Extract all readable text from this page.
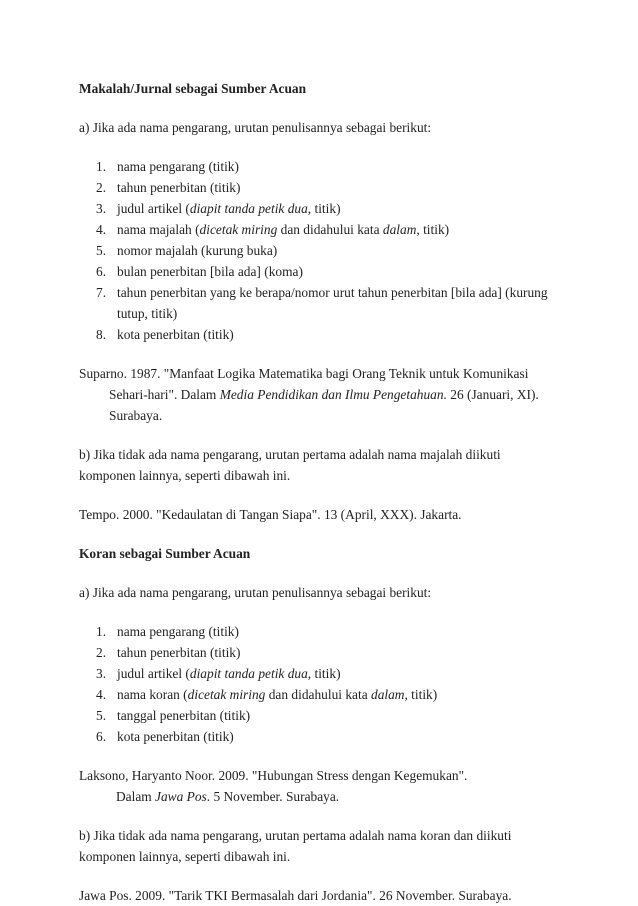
Makalah/Jurnal sebagai Sumber Acuan

a) Jika ada nama pengarang, urutan penulisannya sebagai berikut:

1. nama pengarang (titik)
2. tahun penerbitan (titik)
3. judul artikel (diapit tanda petik dua, titik)
4. nama majalah (dicetak miring dan didahului kata dalam, titik)
5. nomor majalah (kurung buka)
6. bulan penerbitan [bila ada] (koma)
7. tahun penerbitan yang ke berapa/nomor urut tahun penerbitan [bila ada] (kurung tutup, titik)
8. kota penerbitan (titik)

Suparno. 1987. "Manfaat Logika Matematika bagi Orang Teknik untuk Komunikasi Sehari-hari". Dalam Media Pendidikan dan Ilmu Pengetahuan. 26 (Januari, XI). Surabaya.

b) Jika tidak ada nama pengarang, urutan pertama adalah nama majalah diikuti komponen lainnya, seperti dibawah ini.

Tempo. 2000. "Kedaulatan di Tangan Siapa". 13 (April, XXX). Jakarta.

Koran sebagai Sumber Acuan

a) Jika ada nama pengarang, urutan penulisannya sebagai berikut:

1. nama pengarang (titik)
2. tahun penerbitan (titik)
3. judul artikel (diapit tanda petik dua, titik)
4. nama koran (dicetak miring dan didahului kata dalam, titik)
5. tanggal penerbitan (titik)
6. kota penerbitan (titik)

Laksono, Haryanto Noor. 2009. "Hubungan Stress dengan Kegemukan".
Dalam Jawa Pos. 5 November. Surabaya.

b) Jika tidak ada nama pengarang, urutan pertama adalah nama koran dan diikuti komponen lainnya, seperti dibawah ini.

Jawa Pos. 2009. "Tarik TKI Bermasalah dari Jordania". 26 November. Surabaya.
